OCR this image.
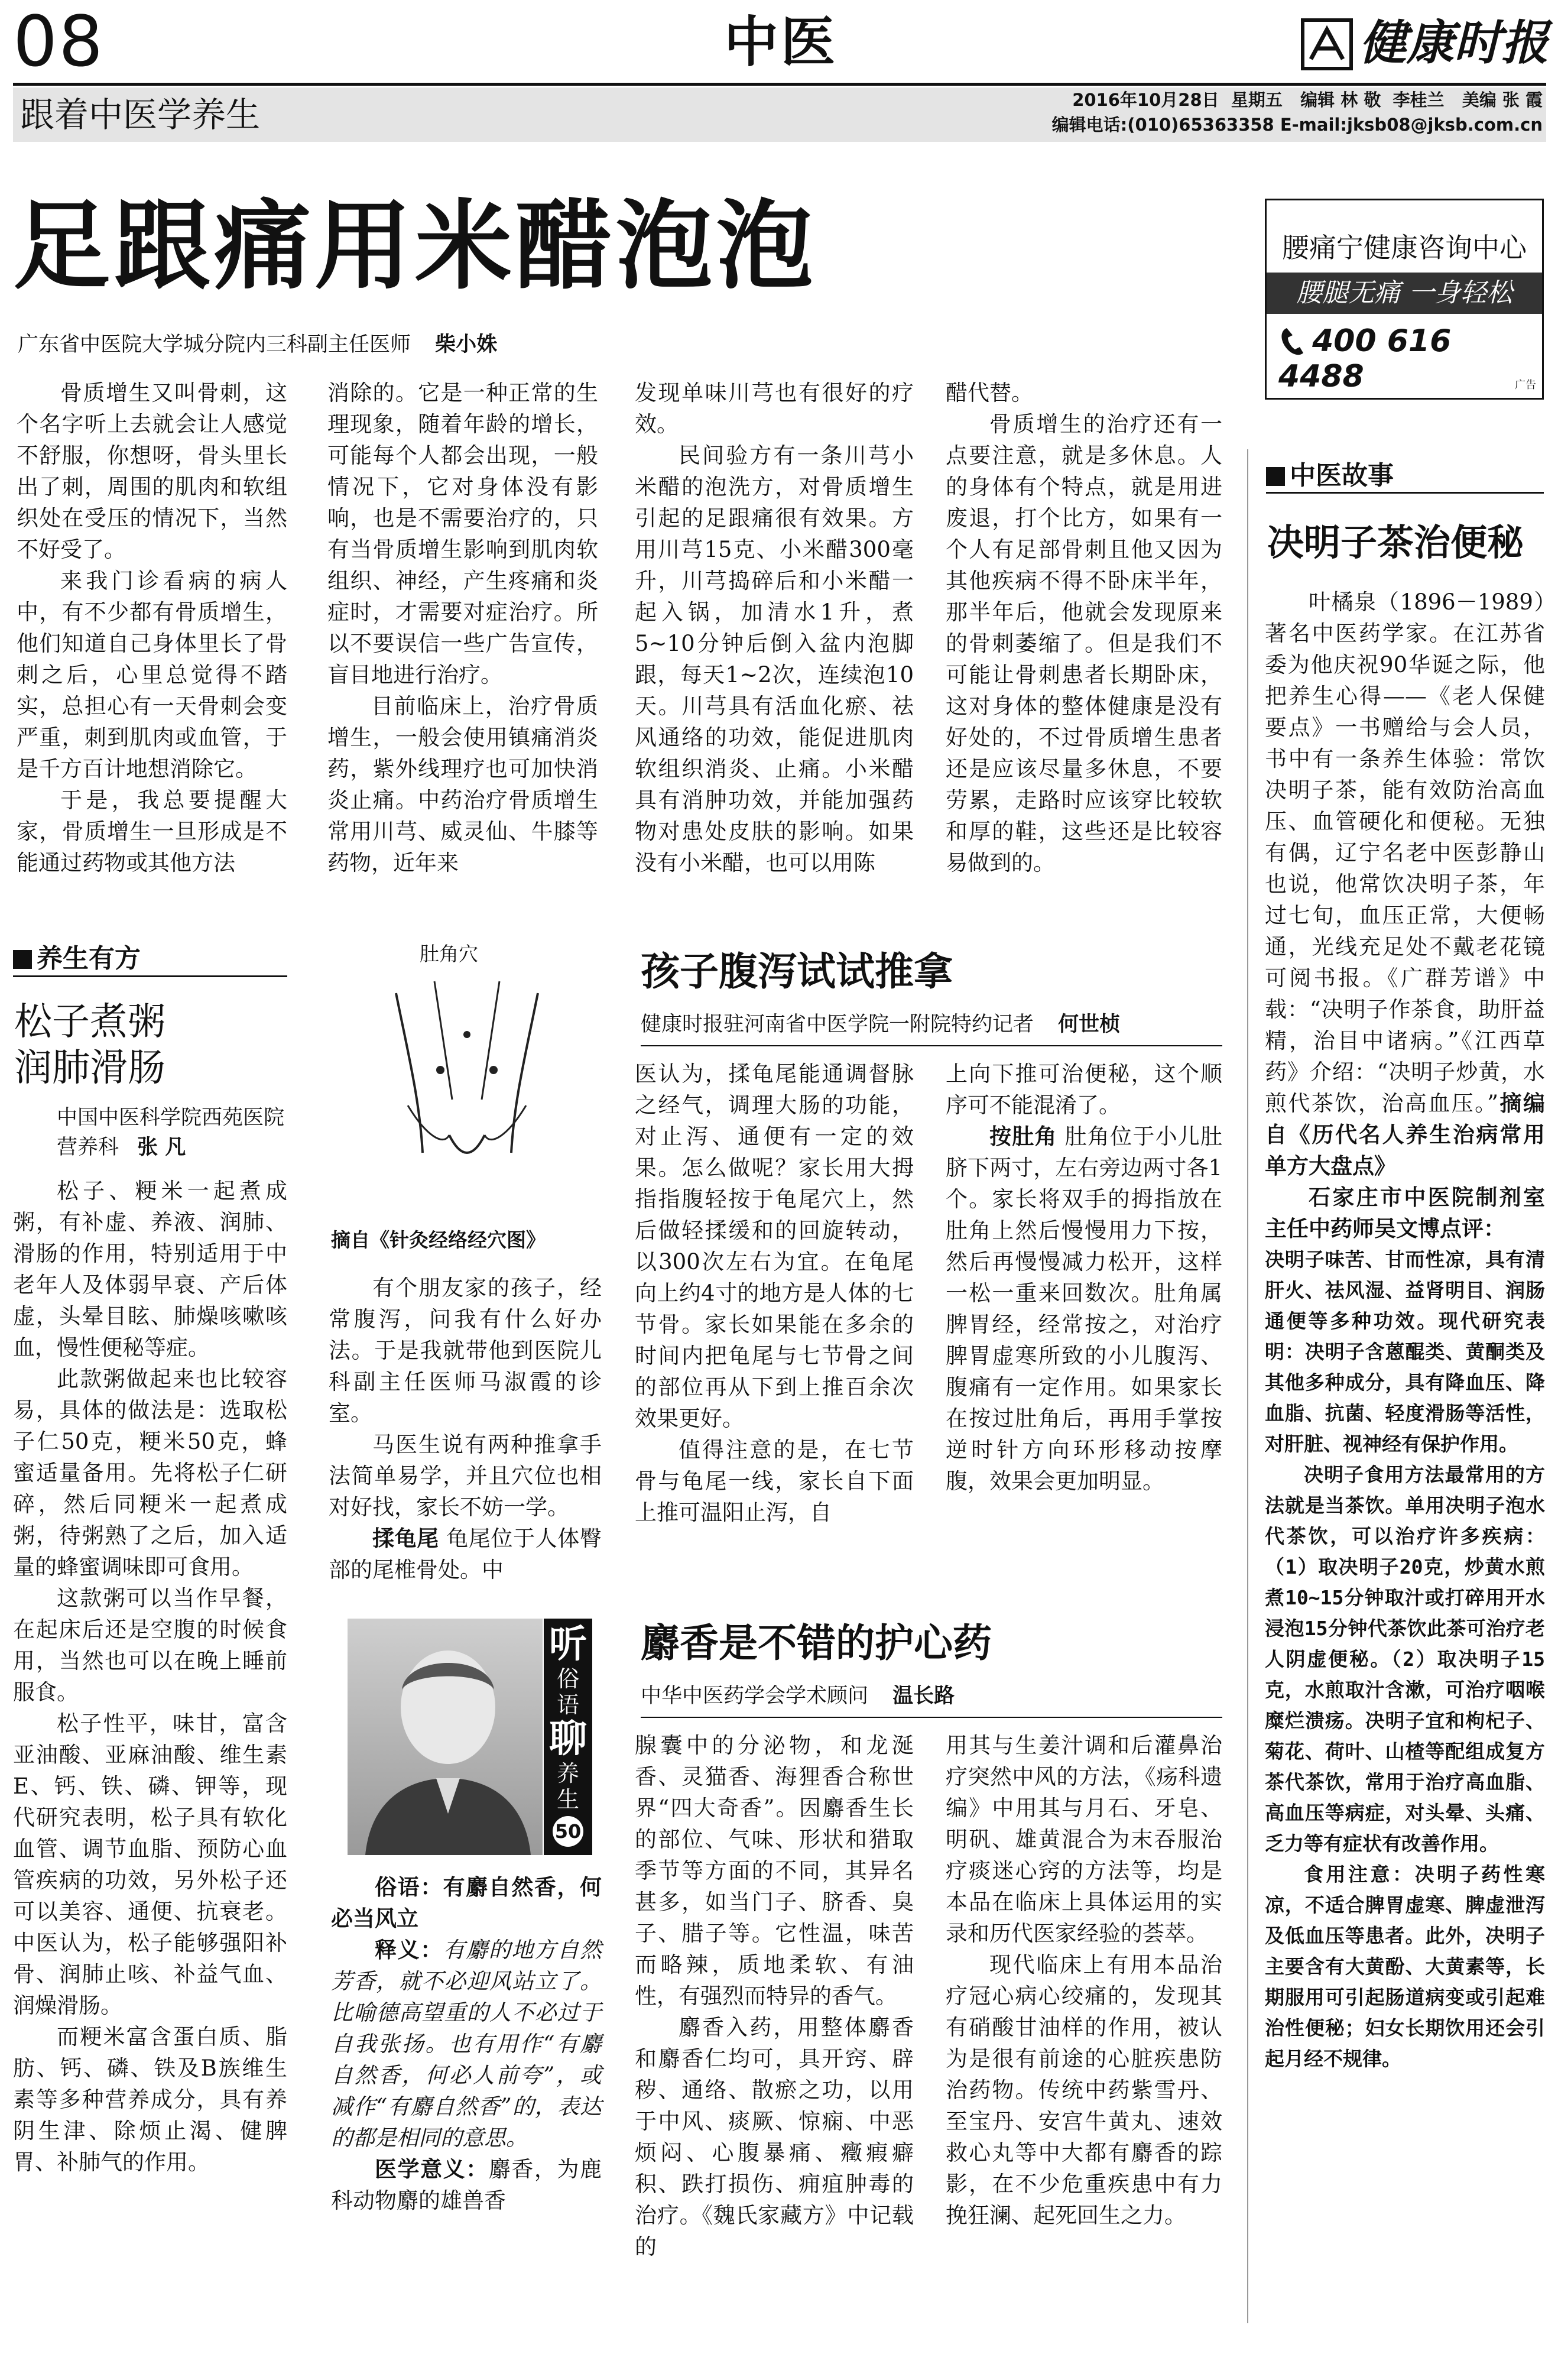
08	中医	健康时报
跟着中医学养生	2016年10月28日  星期五   编辑 林 敬  李桂兰   美编 张 霞
编辑电话:(010)65363358 E-mail:jksb08@jksb.com.cn
足跟痛用米醋泡泡
广东省中医院大学城分院内三科副主任医师 柴小姝

骨质增生又叫骨刺，这个名字听上去就会让人感觉不舒服，你想呀，骨头里长出了刺，周围的肌肉和软组织处在受压的情况下，当然不好受了。

来我门诊看病的病人中，有不少都有骨质增生，他们知道自己身体里长了骨刺之后，心里总觉得不踏实，总担心有一天骨刺会变严重，刺到肌肉或血管，于是千方百计地想消除它。

于是，我总要提醒大家，骨质增生一旦形成是不能通过药物或其他方法

消除的。它是一种正常的生理现象，随着年龄的增长，可能每个人都会出现，一般情况下，它对身体没有影响，也是不需要治疗的，只有当骨质增生影响到肌肉软组织、神经，产生疼痛和炎症时，才需要对症治疗。所以不要误信一些广告宣传，盲目地进行治疗。

目前临床上，治疗骨质增生，一般会使用镇痛消炎药，紫外线理疗也可加快消炎止痛。中药治疗骨质增生常用川芎、威灵仙、牛膝等药物，近年来

发现单味川芎也有很好的疗效。

民间验方有一条川芎小米醋的泡洗方，对骨质增生引起的足跟痛很有效果。方用川芎15克、小米醋300毫升，川芎捣碎后和小米醋一起入锅，加清水1升，煮5~10分钟后倒入盆内泡脚跟，每天1~2次，连续泡10天。川芎具有活血化瘀、祛风通络的功效，能促进肌肉软组织消炎、止痛。小米醋具有消肿功效，并能加强药物对患处皮肤的影响。如果没有小米醋，也可以用陈

醋代替。

骨质增生的治疗还有一点要注意，就是多休息。人的身体有个特点，就是用进废退，打个比方，如果有一个人有足部骨刺且他又因为其他疾病不得不卧床半年，那半年后，他就会发现原来的骨刺萎缩了。但是我们不可能让骨刺患者长期卧床，这对身体的整体健康是没有好处的，不过骨质增生患者还是应该尽量多休息，不要劳累，走路时应该穿比较软和厚的鞋，这些还是比较容易做到的。

腰痛宁健康咨询中心
腰腿无痛 一身轻松
400 616 4488	广告
中医故事
决明子茶治便秘

叶橘泉（1896－1989）著名中医药学家。在江苏省委为他庆祝90华诞之际，他把养生心得——《老人保健要点》一书赠给与会人员，书中有一条养生体验：常饮决明子茶，能有效防治高血压、血管硬化和便秘。无独有偶，辽宁名老中医彭静山也说，他常饮决明子茶，年过七旬，血压正常，大便畅通，光线充足处不戴老花镜可阅书报。《广群芳谱》中载：“决明子作茶食，助肝益精，治目中诸病。”《江西草药》介绍：“决明子炒黄，水煎代茶饮，治高血压。”摘编自《历代名人养生治病常用单方大盘点》

石家庄市中医院制剂室主任中药师吴文博点评：

决明子味苦、甘而性凉，具有清肝火、祛风湿、益肾明目、润肠通便等多种功效。现代研究表明：决明子含蒽醌类、黄酮类及其他多种成分，具有降血压、降血脂、抗菌、轻度滑肠等活性，对肝脏、视神经有保护作用。

决明子食用方法最常用的方法就是当茶饮。单用决明子泡水代茶饮，可以治疗许多疾病：（1）取决明子20克，炒黄水煎煮10~15分钟取汁或打碎用开水浸泡15分钟代茶饮此茶可治疗老人阴虚便秘。（2）取决明子15克，水煎取汁含漱，可治疗咽喉糜烂溃疡。决明子宜和枸杞子、菊花、荷叶、山楂等配组成复方茶代茶饮，常用于治疗高血脂、高血压等病症，对头晕、头痛、乏力等有症状有改善作用。

食用注意：决明子药性寒凉，不适合脾胃虚寒、脾虚泄泻及低血压等患者。此外，决明子主要含有大黄酚、大黄素等，长期服用可引起肠道病变或引起难治性便秘；妇女长期饮用还会引起月经不规律。

养生有方
松子煮粥
润肺滑肠
中国中医科学院西苑医院营养科 张 凡

松子、粳米一起煮成粥，有补虚、养液、润肺、滑肠的作用，特别适用于中老年人及体弱早衰、产后体虚，头晕目眩、肺燥咳嗽咳血，慢性便秘等症。

此款粥做起来也比较容易，具体的做法是：选取松子仁50克，粳米50克，蜂蜜适量备用。先将松子仁研碎，然后同粳米一起煮成粥，待粥熟了之后，加入适量的蜂蜜调味即可食用。

这款粥可以当作早餐，在起床后还是空腹的时候食用，当然也可以在晚上睡前服食。

松子性平，味甘，富含亚油酸、亚麻油酸、维生素E、钙、铁、磷、钾等，现代研究表明，松子具有软化血管、调节血脂、预防心血管疾病的功效，另外松子还可以美容、通便、抗衰老。中医认为，松子能够强阳补骨、润肺止咳、补益气血、润燥滑肠。

而粳米富含蛋白质、脂肪、钙、磷、铁及B族维生素等多种营养成分，具有养阴生津、除烦止渴、健脾胃、补肺气的作用。

肚角穴
摘自《针灸经络经穴图》
孩子腹泻试试推拿
健康时报驻河南省中医学院一附院特约记者 何世桢

有个朋友家的孩子，经常腹泻，问我有什么好办法。于是我就带他到医院儿科副主任医师马淑霞的诊室。

马医生说有两种推拿手法简单易学，并且穴位也相对好找，家长不妨一学。

揉龟尾 龟尾位于人体臀部的尾椎骨处。中

医认为，揉龟尾能通调督脉之经气，调理大肠的功能，对止泻、通便有一定的效果。怎么做呢？家长用大拇指指腹轻按于龟尾穴上，然后做轻揉缓和的回旋转动，以300次左右为宜。在龟尾向上约4寸的地方是人体的七节骨。家长如果能在多余的时间内把龟尾与七节骨之间的部位再从下到上推百余次效果更好。

值得注意的是，在七节骨与龟尾一线，家长自下面上推可温阳止泻，自

上向下推可治便秘，这个顺序可不能混淆了。

按肚角 肚角位于小儿肚脐下两寸，左右旁边两寸各1个。家长将双手的拇指放在肚角上然后慢慢用力下按，然后再慢慢减力松开，这样一松一重来回数次。肚角属脾胃经，经常按之，对治疗脾胃虚寒所致的小儿腹泻、腹痛有一定作用。如果家长在按过肚角后，再用手掌按逆时针方向环形移动按摩腹，效果会更加明显。

听
俗
语
聊
养
生
50

俗语：有麝自然香，何必当风立

释义：有麝的地方自然芳香，就不必迎风站立了。比喻德高望重的人不必过于自我张扬。也有用作“有麝自然香，何必人前夸”，或减作“有麝自然香”的，表达的都是相同的意思。

医学意义：麝香，为鹿科动物麝的雄兽香

麝香是不错的护心药
中华中医药学会学术顾问 温长路

腺囊中的分泌物，和龙涎香、灵猫香、海狸香合称世界“四大奇香”。因麝香生长的部位、气味、形状和猎取季节等方面的不同，其异名甚多，如当门子、脐香、臭子、腊子等。它性温，味苦而略辣，质地柔软、有油性，有强烈而特异的香气。

麝香入药，用整体麝香和麝香仁均可，具开窍、辟秽、通络、散瘀之功，以用于中风、痰厥、惊痫、中恶烦闷、心腹暴痛、癥瘕癖积、跌打损伤、痈疽肿毒的治疗。《魏氏家藏方》中记载的

用其与生姜汁调和后灌鼻治疗突然中风的方法，《疡科遗编》中用其与月石、牙皂、明矾、雄黄混合为末吞服治疗痰迷心窍的方法等，均是本品在临床上具体运用的实录和历代医家经验的荟萃。

现代临床上有用本品治疗冠心病心绞痛的，发现其有硝酸甘油样的作用，被认为是很有前途的心脏疾患防治药物。传统中药紫雪丹、至宝丹、安宫牛黄丸、速效救心丸等中大都有麝香的踪影，在不少危重疾患中有力挽狂澜、起死回生之力。
